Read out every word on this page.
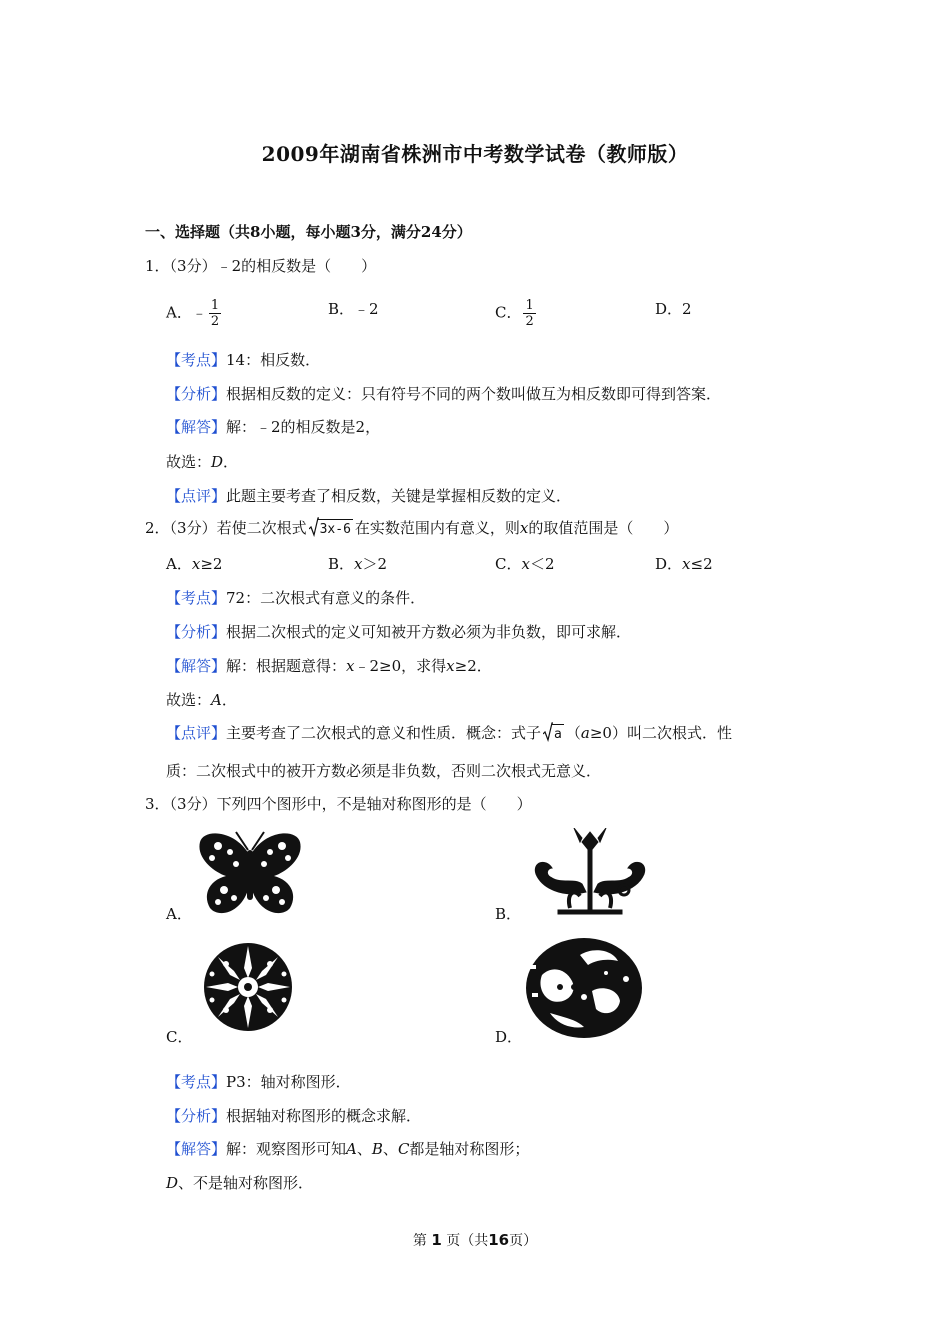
2009年湖南省株洲市中考数学试卷（教师版）
一、选择题（共8小题，每小题3分，满分24分）
1．（3分）﹣2的相反数是（　　）
A．﹣ $\frac{1}{2}$	B．﹣2	C． $\frac{1}{2}$	D．2
【考点】14：相反数．
【分析】根据相反数的定义：只有符号不同的两个数叫做互为相反数即可得到答案．
【解答】解：﹣2的相反数是2，
故选：D．
【点评】此题主要考查了相反数，关键是掌握相反数的定义．
2．（3分）若使二次根式 3x-6 在实数范围内有意义，则x的取值范围是（　　）
A．x≥2	B．x＞2	C．x＜2	D．x≤2
【考点】72：二次根式有意义的条件．
【分析】根据二次根式的定义可知被开方数必须为非负数，即可求解．
【解答】解：根据题意得：x﹣2≥0，求得x≥2．
故选：A．
【点评】主要考查了二次根式的意义和性质．概念：式子 a （a≥0）叫二次根式．性
质：二次根式中的被开方数必须是非负数，否则二次根式无意义．
3．（3分）下列四个图形中，不是轴对称图形的是（　　）
A．	B．
C．	D．
【考点】P3：轴对称图形．
【分析】根据轴对称图形的概念求解．
【解答】解：观察图形可知A、B、C都是轴对称图形；
D、不是轴对称图形．
第 1 页（共16页）
